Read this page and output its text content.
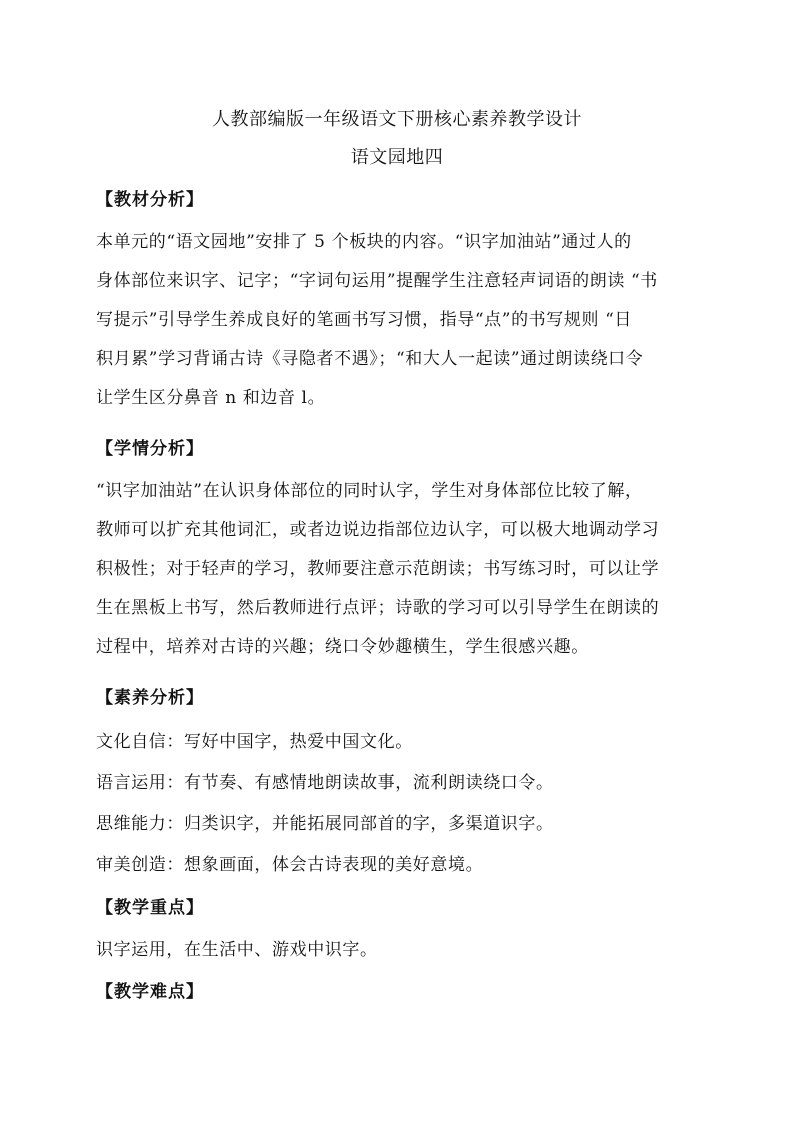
人教部编版一年级语文下册核心素养教学设计
语文园地四
【教材分析】
本单元的“语文园地”安排了 5 个板块的内容。“识字加油站”通过人的
身体部位来识字、记字；“字词句运用”提醒学生注意轻声词语的朗读 “书
写提示”引导学生养成良好的笔画书写习惯，指导“点”的书写规则 “日
积月累”学习背诵古诗《寻隐者不遇》；“和大人一起读”通过朗读绕口令
让学生区分鼻音 n 和边音 l。
【学情分析】
“识字加油站”在认识身体部位的同时认字，学生对身体部位比较了解，
教师可以扩充其他词汇，或者边说边指部位边认字，可以极大地调动学习
积极性；对于轻声的学习，教师要注意示范朗读；书写练习时，可以让学
生在黑板上书写，然后教师进行点评；诗歌的学习可以引导学生在朗读的
过程中，培养对古诗的兴趣；绕口令妙趣横生，学生很感兴趣。
【素养分析】
文化自信：写好中国字，热爱中国文化。
语言运用：有节奏、有感情地朗读故事，流利朗读绕口令。
思维能力：归类识字，并能拓展同部首的字，多渠道识字。
审美创造：想象画面，体会古诗表现的美好意境。
【教学重点】
识字运用，在生活中、游戏中识字。
【教学难点】
